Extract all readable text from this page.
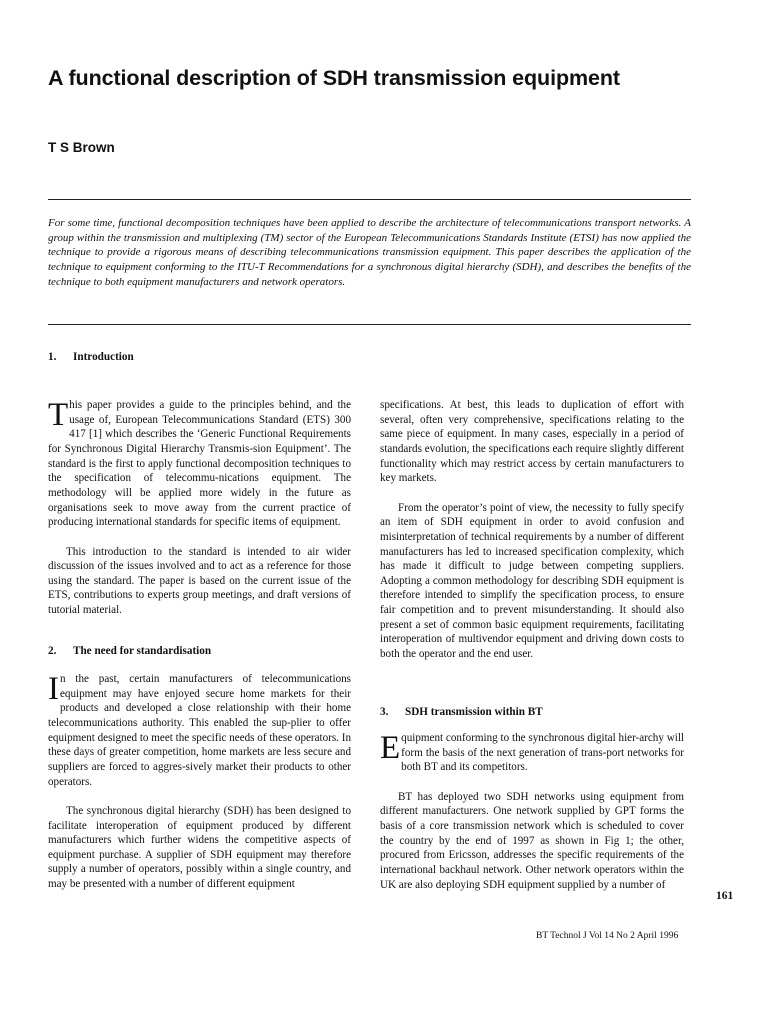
A functional description of SDH transmission equipment
T S Brown
For some time, functional decomposition techniques have been applied to describe the architecture of telecommunications transport networks. A group within the transmission and multiplexing (TM) sector of the European Telecommunications Standards Institute (ETSI) has now applied the technique to provide a rigorous means of describing telecommunications transmission equipment. This paper describes the application of the technique to equipment conforming to the ITU-T Recommendations for a synchronous digital hierarchy (SDH), and describes the benefits of the technique to both equipment manufacturers and network operators.
1. Introduction

This paper provides a guide to the principles behind, and the usage of, European Telecommunications Standard (ETS) 300 417 [1] which describes the ‘Generic Functional Requirements for Synchronous Digital Hierarchy Transmis-sion Equipment’. The standard is the first to apply functional decomposition techniques to the specification of telecommu-nications equipment. The methodology will be applied more widely in the future as organisations seek to move away from the current practice of producing international standards for specific items of equipment.

This introduction to the standard is intended to air wider discussion of the issues involved and to act as a reference for those using the standard. The paper is based on the current issue of the ETS, contributions to experts group meetings, and draft versions of tutorial material.

2. The need for standardisation

In the past, certain manufacturers of telecommunications equipment may have enjoyed secure home markets for their products and developed a close relationship with their home telecommunications authority. This enabled the sup-plier to offer equipment designed to meet the specific needs of these operators. In these days of greater competition, home markets are less secure and suppliers are forced to aggres-sively market their products to other operators.

The synchronous digital hierarchy (SDH) has been designed to facilitate interoperation of equipment produced by different manufacturers which further widens the competitive aspects of equipment purchase. A supplier of SDH equipment may therefore supply a number of operators, possibly within a single country, and may be presented with a number of different equipment

specifications. At best, this leads to duplication of effort with several, often very comprehensive, specifications relating to the same piece of equipment. In many cases, especially in a period of standards evolution, the specifications each require slightly different functionality which may restrict access by certain manufacturers to key markets.

From the operator’s point of view, the necessity to fully specify an item of SDH equipment in order to avoid confusion and misinterpretation of technical requirements by a number of different manufacturers has led to increased specification complexity, which has made it difficult to judge between competing suppliers. Adopting a common methodology for describing SDH equipment is therefore intended to simplify the specification process, to ensure fair competition and to prevent misunderstanding. It should also present a set of common basic equipment requirements, facilitating interoperation of multivendor equipment and driving down costs to both the operator and the end user.

3. SDH transmission within BT

Equipment conforming to the synchronous digital hier-archy will form the basis of the next generation of trans-port networks for both BT and its competitors.

BT has deployed two SDH networks using equipment from different manufacturers. One network supplied by GPT forms the basis of a core transmission network which is scheduled to cover the country by the end of 1997 as shown in Fig 1; the other, procured from Ericsson, addresses the specific requirements of the international backhaul network. Other network operators within the UK are also deploying SDH equipment supplied by a number of

161
BT Technol J Vol 14 No 2 April 1996
